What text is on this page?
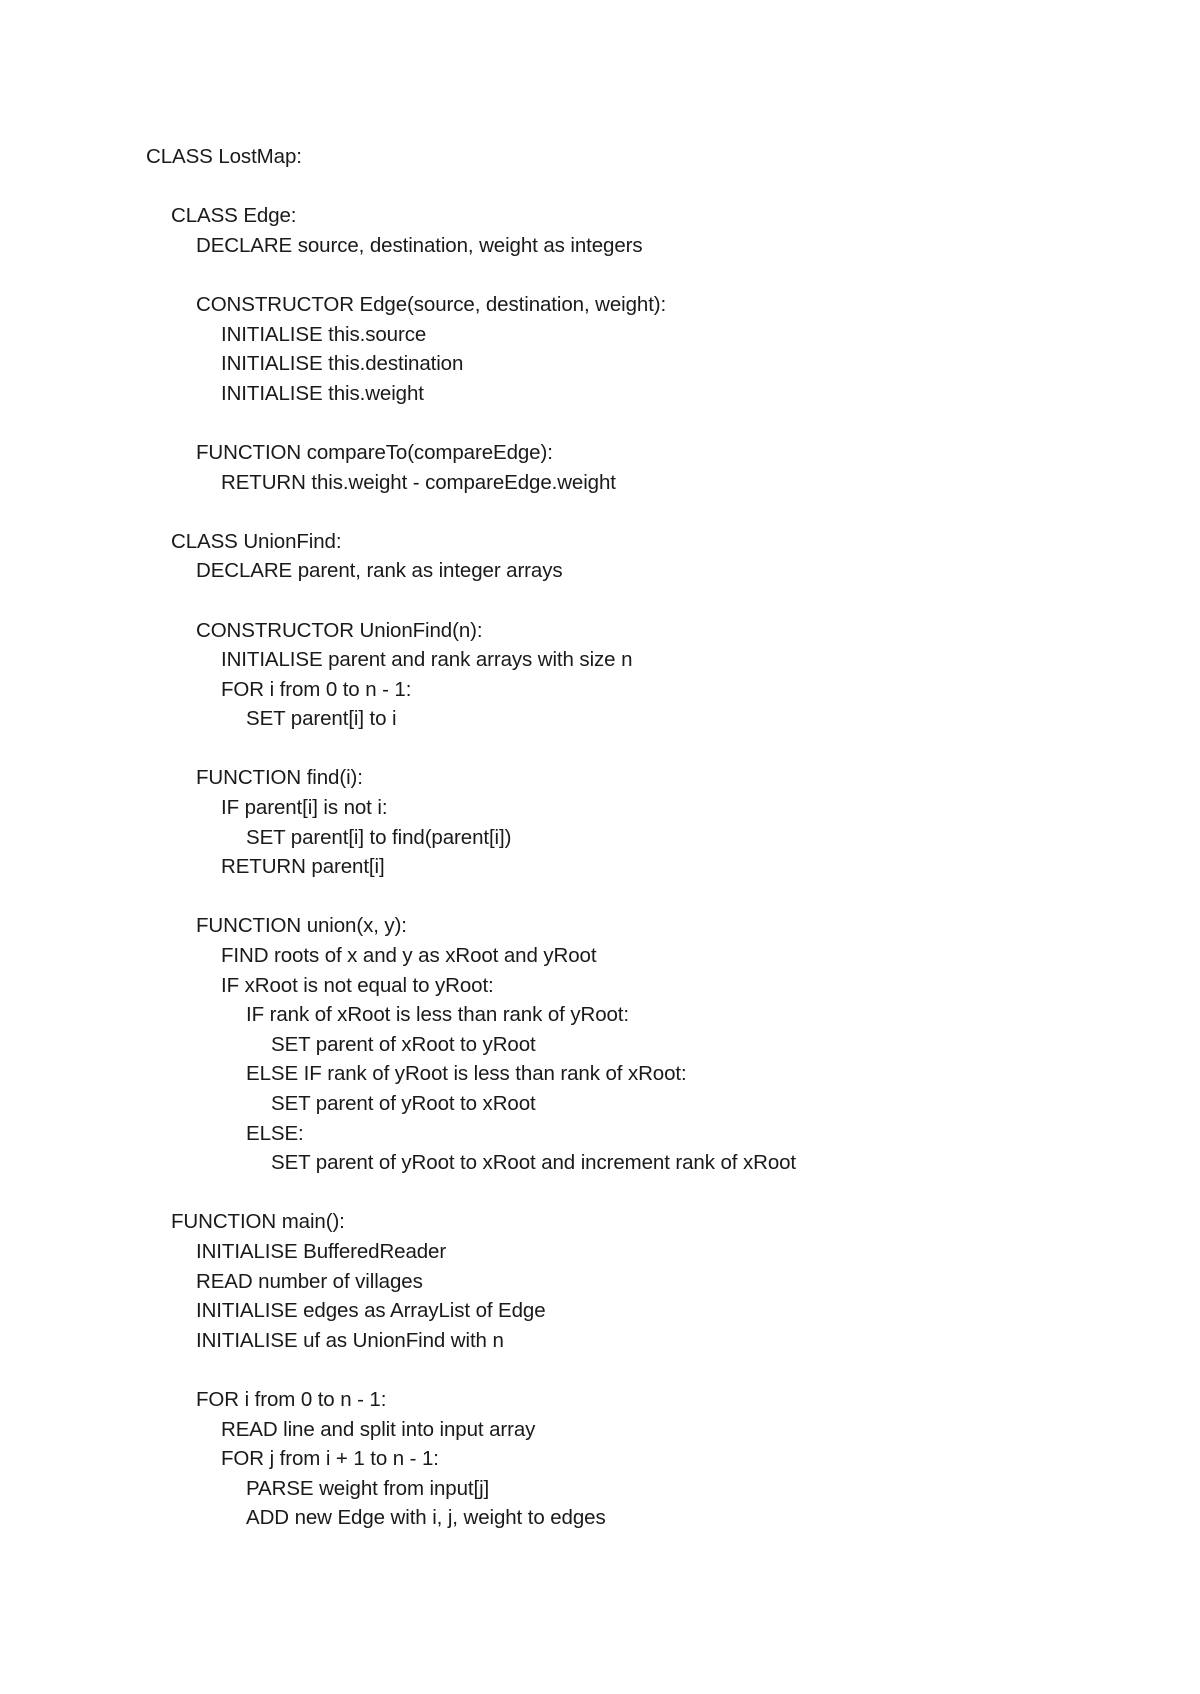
CLASS LostMap:
CLASS Edge:
DECLARE source, destination, weight as integers
CONSTRUCTOR Edge(source, destination, weight):
INITIALISE this.source
INITIALISE this.destination
INITIALISE this.weight
FUNCTION compareTo(compareEdge):
RETURN this.weight - compareEdge.weight
CLASS UnionFind:
DECLARE parent, rank as integer arrays
CONSTRUCTOR UnionFind(n):
INITIALISE parent and rank arrays with size n
FOR i from 0 to n - 1:
SET parent[i] to i
FUNCTION find(i):
IF parent[i] is not i:
SET parent[i] to find(parent[i])
RETURN parent[i]
FUNCTION union(x, y):
FIND roots of x and y as xRoot and yRoot
IF xRoot is not equal to yRoot:
IF rank of xRoot is less than rank of yRoot:
SET parent of xRoot to yRoot
ELSE IF rank of yRoot is less than rank of xRoot:
SET parent of yRoot to xRoot
ELSE:
SET parent of yRoot to xRoot and increment rank of xRoot
FUNCTION main():
INITIALISE BufferedReader
READ number of villages
INITIALISE edges as ArrayList of Edge
INITIALISE uf as UnionFind with n
FOR i from 0 to n - 1:
READ line and split into input array
FOR j from i + 1 to n - 1:
PARSE weight from input[j]
ADD new Edge with i, j, weight to edges
